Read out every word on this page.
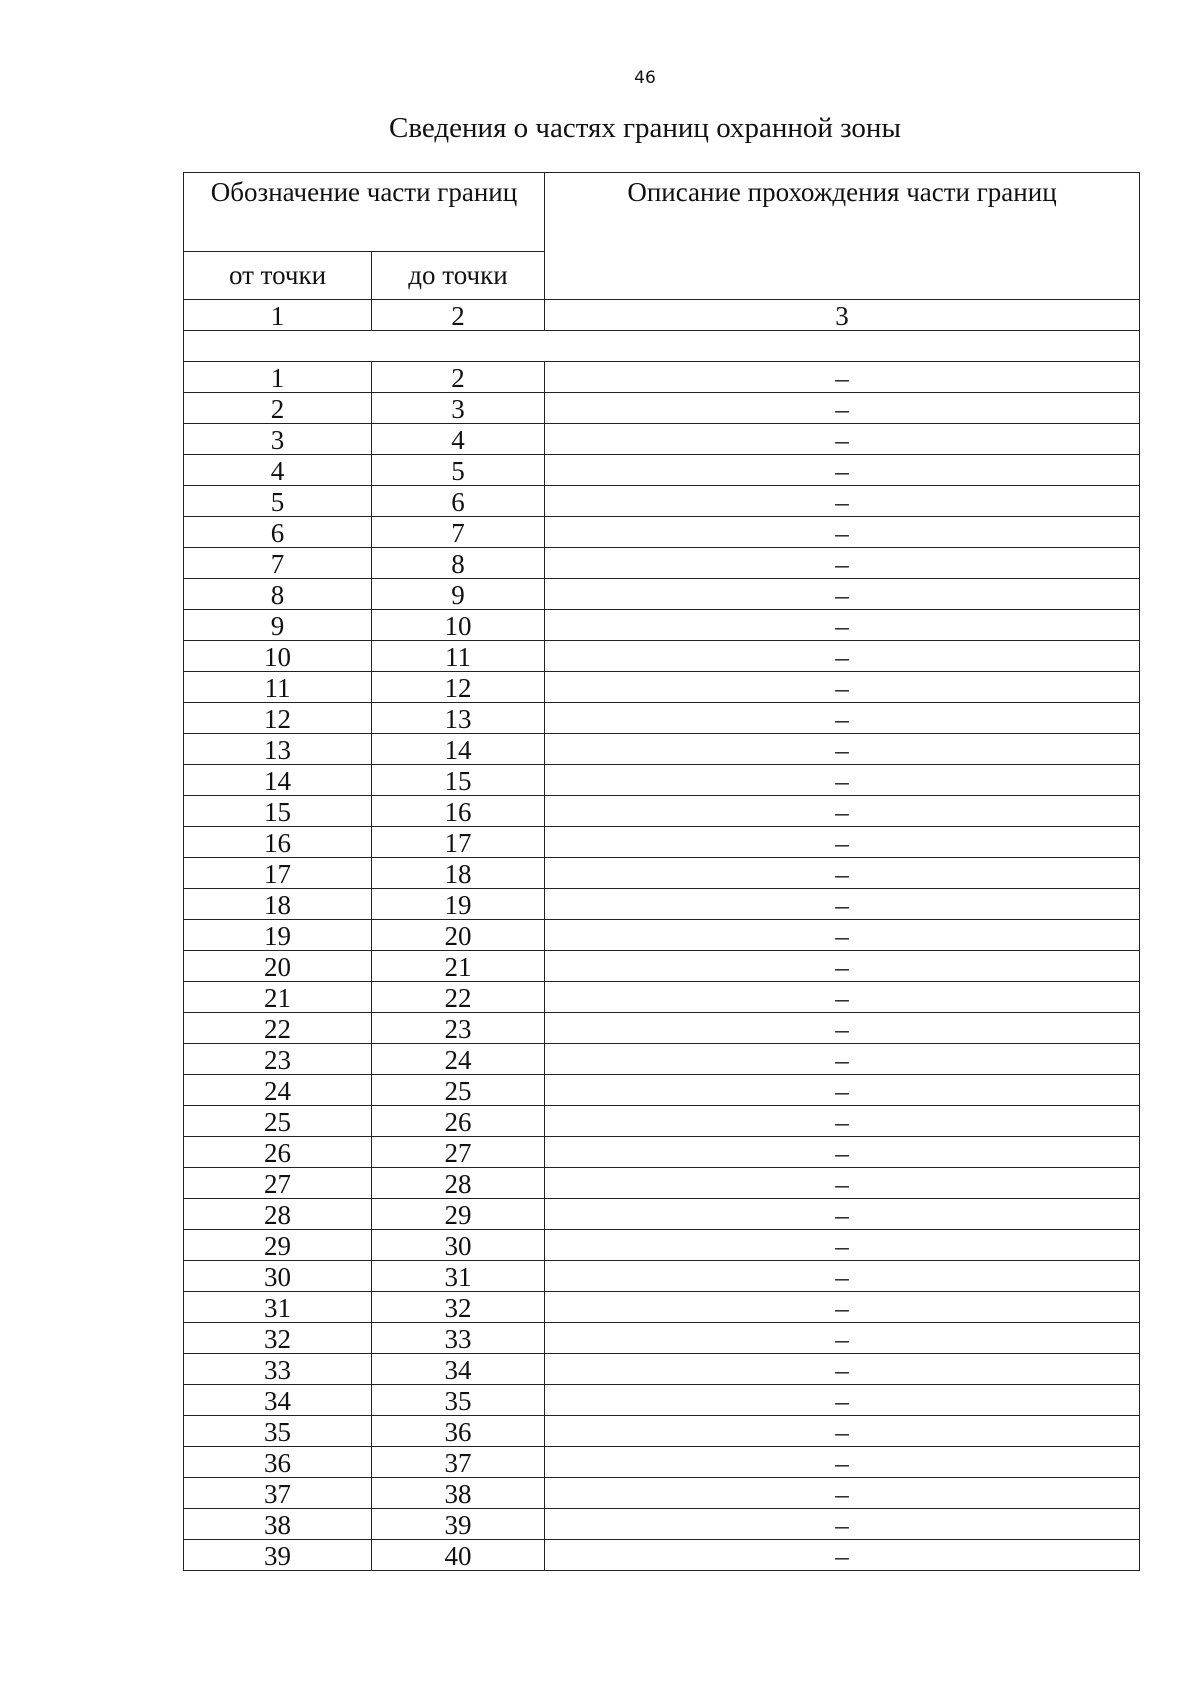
46
Сведения о частях границ охранной зоны
Обозначение части границ		Описание прохождения части границ
от точки	до точки	
1	2	3

1	2	–
2	3	–
3	4	–
4	5	–
5	6	–
6	7	–
7	8	–
8	9	–
9	10	–
10	11	–
11	12	–
12	13	–
13	14	–
14	15	–
15	16	–
16	17	–
17	18	–
18	19	–
19	20	–
20	21	–
21	22	–
22	23	–
23	24	–
24	25	–
25	26	–
26	27	–
27	28	–
28	29	–
29	30	–
30	31	–
31	32	–
32	33	–
33	34	–
34	35	–
35	36	–
36	37	–
37	38	–
38	39	–
39	40	–
